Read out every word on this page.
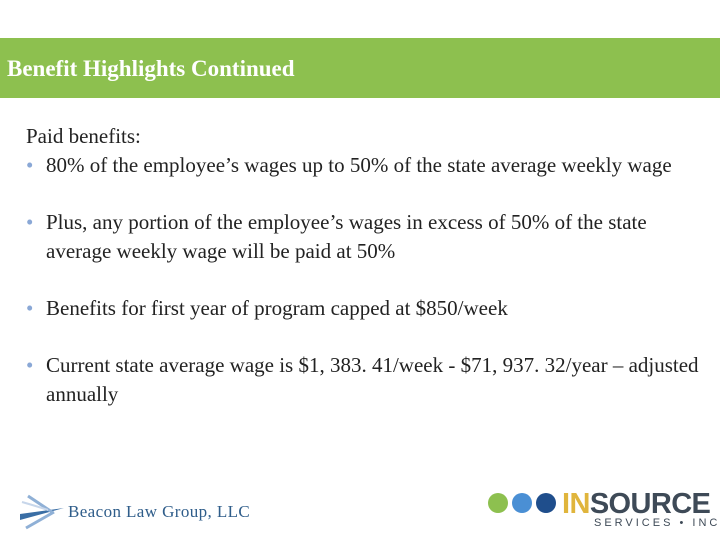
Benefit Highlights Continued

Paid benefits:

• 80% of the employee’s wages up to 50% of the state average weekly wage

• Plus, any portion of the employee’s wages in excess of 50% of the state average weekly wage will be paid at 50%

• Benefits for first year of program capped at $850/week

• Current state average wage is $1, 383. 41/week - $71, 937. 32/year – adjusted annually

Beacon Law Group, LLC	INSOURCE
SERVICES • INC
